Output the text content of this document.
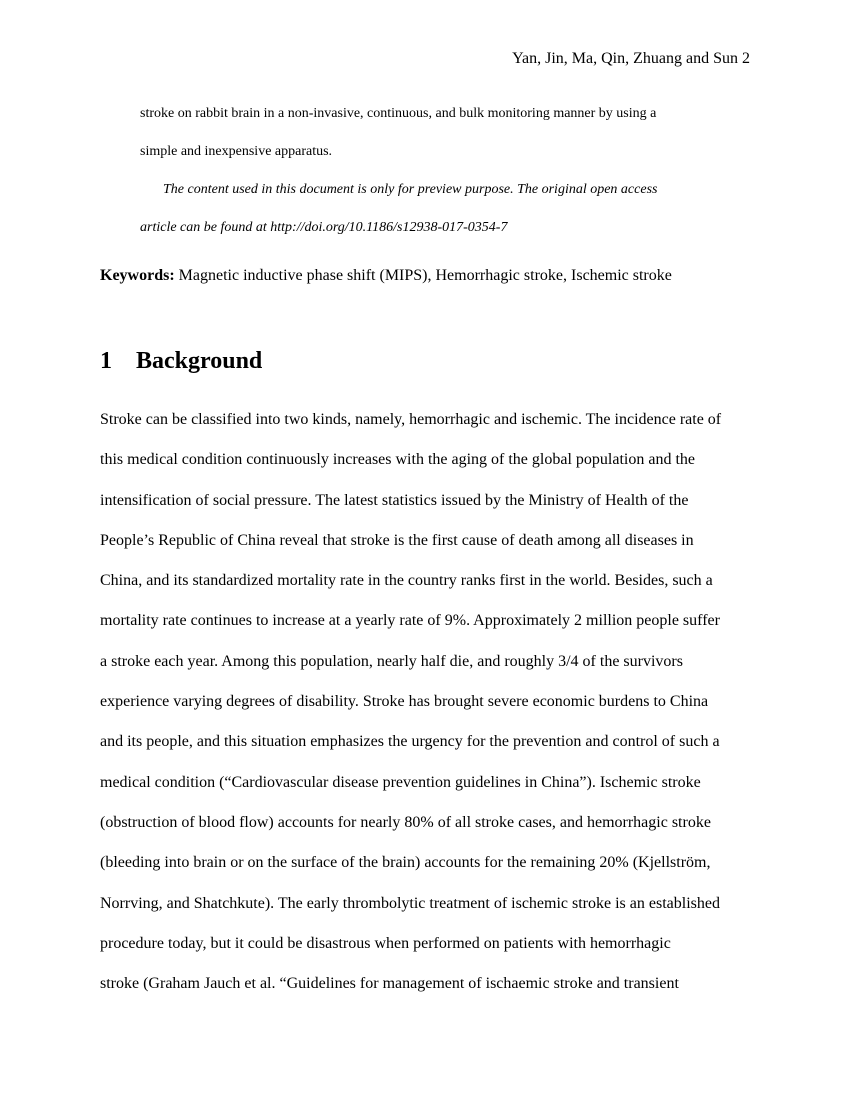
Yan, Jin, Ma, Qin, Zhuang and Sun 2
stroke on rabbit brain in a non-invasive, continuous, and bulk monitoring manner by using a
simple and inexpensive apparatus.
The content used in this document is only for preview purpose. The original open access
article can be found at http://doi.org/10.1186/s12938-017-0354-7
Keywords: Magnetic inductive phase shift (MIPS), Hemorrhagic stroke, Ischemic stroke
1 Background
Stroke can be classified into two kinds, namely, hemorrhagic and ischemic. The incidence rate of
this medical condition continuously increases with the aging of the global population and the
intensification of social pressure. The latest statistics issued by the Ministry of Health of the
People’s Republic of China reveal that stroke is the first cause of death among all diseases in
China, and its standardized mortality rate in the country ranks first in the world. Besides, such a
mortality rate continues to increase at a yearly rate of 9%. Approximately 2 million people suffer
a stroke each year. Among this population, nearly half die, and roughly 3/4 of the survivors
experience varying degrees of disability. Stroke has brought severe economic burdens to China
and its people, and this situation emphasizes the urgency for the prevention and control of such a
medical condition (“Cardiovascular disease prevention guidelines in China”). Ischemic stroke
(obstruction of blood flow) accounts for nearly 80% of all stroke cases, and hemorrhagic stroke
(bleeding into brain or on the surface of the brain) accounts for the remaining 20% (Kjellström,
Norrving, and Shatchkute). The early thrombolytic treatment of ischemic stroke is an established
procedure today, but it could be disastrous when performed on patients with hemorrhagic
stroke (Graham Jauch et al. “Guidelines for management of ischaemic stroke and transient
